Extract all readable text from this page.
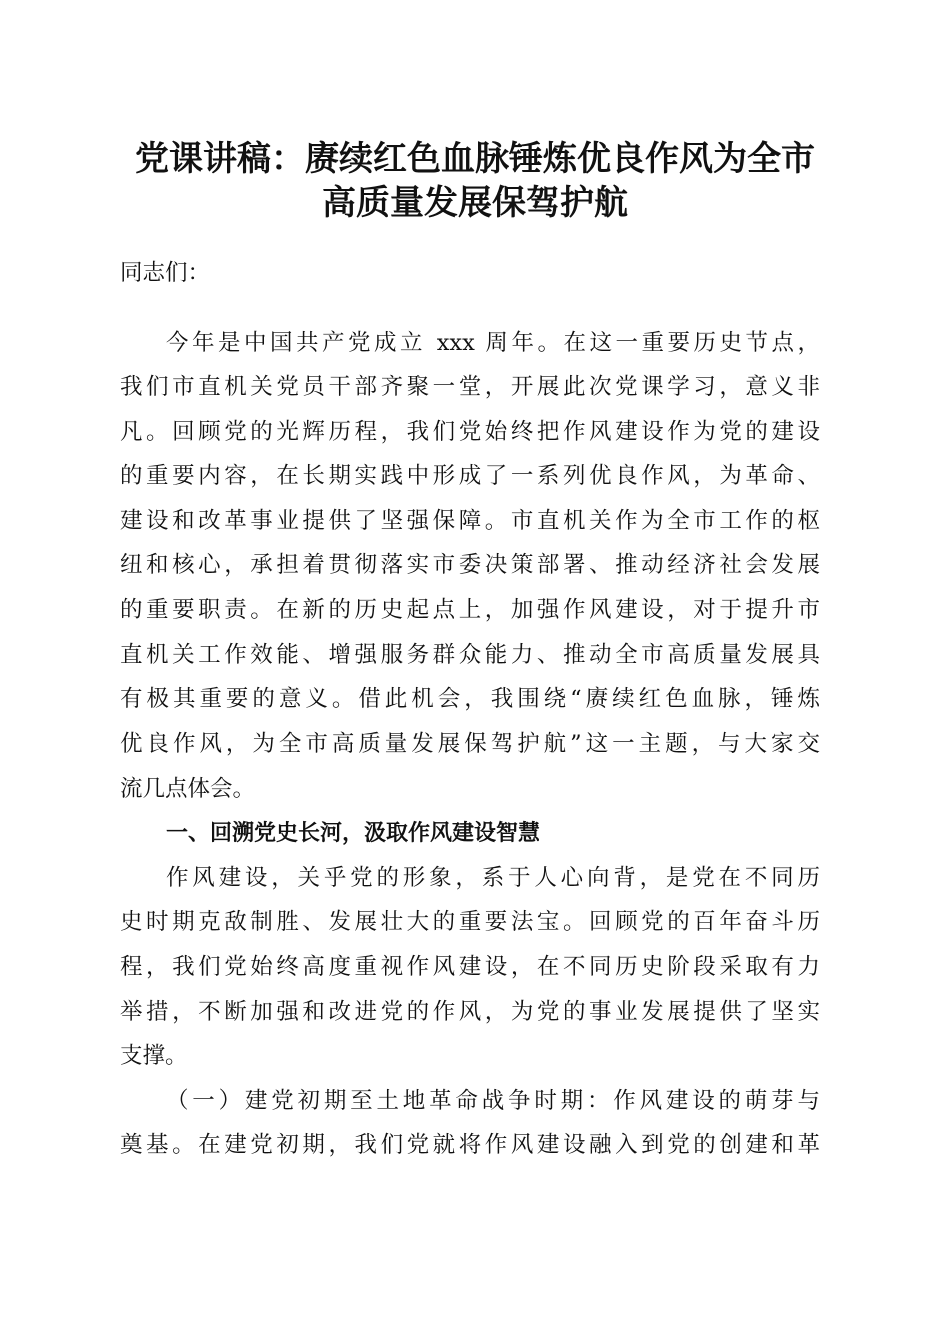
党课讲稿：赓续红色血脉锤炼优良作风为全市
高质量发展保驾护航

同志们：

今年是中国共产党成立 xxx 周年。在这一重要历史节点，

我们市直机关党员干部齐聚一堂，开展此次党课学习，意义非

凡。回顾党的光辉历程，我们党始终把作风建设作为党的建设

的重要内容，在长期实践中形成了一系列优良作风，为革命、

建设和改革事业提供了坚强保障。市直机关作为全市工作的枢

纽和核心，承担着贯彻落实市委决策部署、推动经济社会发展

的重要职责。在新的历史起点上，加强作风建设，对于提升市

直机关工作效能、增强服务群众能力、推动全市高质量发展具

有极其重要的意义。借此机会，我围绕“赓续红色血脉，锤炼

优良作风，为全市高质量发展保驾护航”这一主题，与大家交

流几点体会。

一、回溯党史长河，汲取作风建设智慧

作风建设，关乎党的形象，系于人心向背，是党在不同历

史时期克敌制胜、发展壮大的重要法宝。回顾党的百年奋斗历

程，我们党始终高度重视作风建设，在不同历史阶段采取有力

举措，不断加强和改进党的作风，为党的事业发展提供了坚实

支撑。

（一）建党初期至土地革命战争时期：作风建设的萌芽与

奠基。在建党初期，我们党就将作风建设融入到党的创建和革
